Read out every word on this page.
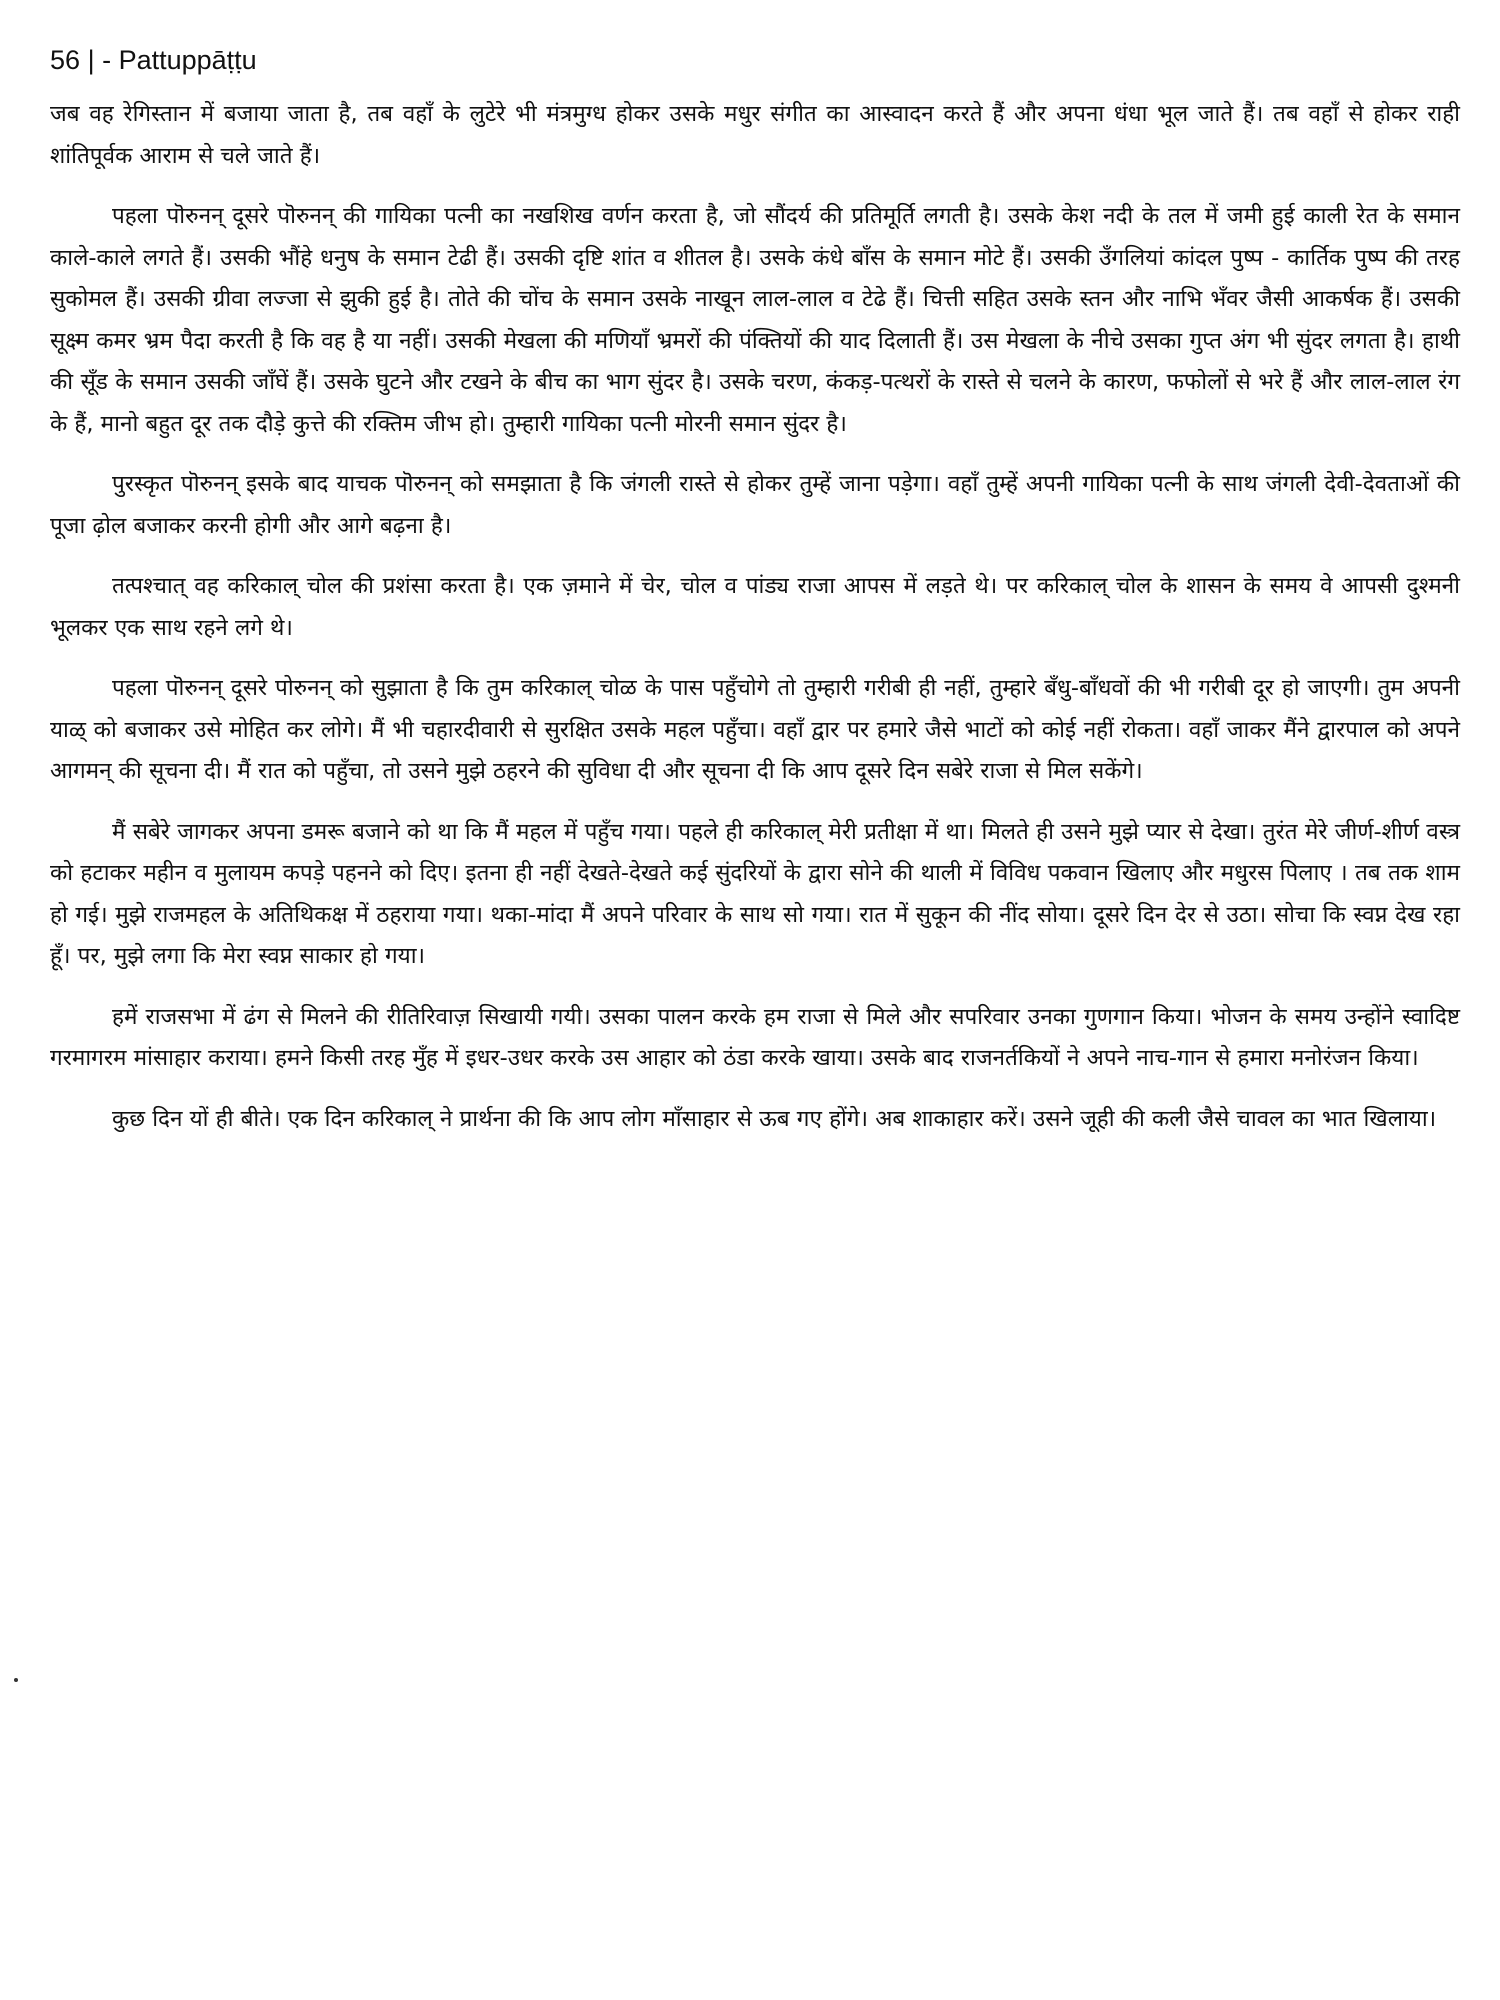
56 | - Pattuppāṭṭu

जब वह रेगिस्तान में बजाया जाता है, तब वहाँ के लुटेरे भी मंत्रमुग्ध होकर उसके मधुर संगीत का आस्वादन करते हैं और अपना धंधा भूल जाते हैं। तब वहाँ से होकर राही शांतिपूर्वक आराम से चले जाते हैं।

पहला पॊरुनन् दूसरे पॊरुनन् की गायिका पत्नी का नखशिख वर्णन करता है, जो सौंदर्य की प्रतिमूर्ति लगती है। उसके केश नदी के तल में जमी हुई काली रेत के समान काले-काले लगते हैं। उसकी भौंहे धनुष के समान टेढी हैं। उसकी दृष्टि शांत व शीतल है। उसके कंधे बाँस के समान मोटे हैं। उसकी उँगलियां कांदल पुष्प - कार्तिक पुष्प की तरह सुकोमल हैं। उसकी ग्रीवा लज्जा से झुकी हुई है। तोते की चोंच के समान उसके नाखून लाल-लाल व टेढे हैं। चित्ती सहित उसके स्तन और नाभि भँवर जैसी आकर्षक हैं। उसकी सूक्ष्म कमर भ्रम पैदा करती है कि वह है या नहीं। उसकी मेखला की मणियाँ भ्रमरों की पंक्तियों की याद दिलाती हैं। उस मेखला के नीचे उसका गुप्त अंग भी सुंदर लगता है। हाथी की सूँड के समान उसकी जाँघें हैं। उसके घुटने और टखने के बीच का भाग सुंदर है। उसके चरण, कंकड़-पत्थरों के रास्ते से चलने के कारण, फफोलों से भरे हैं और लाल-लाल रंग के हैं, मानो बहुत दूर तक दौड़े कुत्ते की रक्तिम जीभ हो। तुम्हारी गायिका पत्नी मोरनी समान सुंदर है।

पुरस्कृत पॊरुनन् इसके बाद याचक पॊरुनन् को समझाता है कि जंगली रास्ते से होकर तुम्हें जाना पड़ेगा। वहाँ तुम्हें अपनी गायिका पत्नी के साथ जंगली देवी-देवताओं की पूजा ढ़ोल बजाकर करनी होगी और आगे बढ़ना है।

तत्पश्चात् वह करिकाल् चोल की प्रशंसा करता है। एक ज़माने में चेर, चोल व पांड्य राजा आपस में लड़ते थे। पर करिकाल् चोल के शासन के समय वे आपसी दुश्मनी भूलकर एक साथ रहने लगे थे।

पहला पॊरुनन् दूसरे पोरुनन् को सुझाता है कि तुम करिकाल् चोळ के पास पहुँचोगे तो तुम्हारी गरीबी ही नहीं, तुम्हारे बँधु-बाँधवों की भी गरीबी दूर हो जाएगी। तुम अपनी याळ् को बजाकर उसे मोहित कर लोगे। मैं भी चहारदीवारी से सुरक्षित उसके महल पहुँचा। वहाँ द्वार पर हमारे जैसे भाटों को कोई नहीं रोकता। वहाँ जाकर मैंने द्वारपाल को अपने आगमन् की सूचना दी। मैं रात को पहुँचा, तो उसने मुझे ठहरने की सुविधा दी और सूचना दी कि आप दूसरे दिन सबेरे राजा से मिल सकेंगे।

मैं सबेरे जागकर अपना डमरू बजाने को था कि मैं महल में पहुँच गया। पहले ही करिकाल् मेरी प्रतीक्षा में था। मिलते ही उसने मुझे प्यार से देखा। तुरंत मेरे जीर्ण-शीर्ण वस्त्र को हटाकर महीन व मुलायम कपड़े पहनने को दिए। इतना ही नहीं देखते-देखते कई सुंदरियों के द्वारा सोने की थाली में विविध पकवान खिलाए और मधुरस पिलाए । तब तक शाम हो गई। मुझे राजमहल के अतिथिकक्ष में ठहराया गया। थका-मांदा मैं अपने परिवार के साथ सो गया। रात में सुकून की नींद सोया। दूसरे दिन देर से उठा। सोचा कि स्वप्न देख रहा हूँ। पर, मुझे लगा कि मेरा स्वप्न साकार हो गया।

हमें राजसभा में ढंग से मिलने की रीतिरिवाज़ सिखायी गयी। उसका पालन करके हम राजा से मिले और सपरिवार उनका गुणगान किया। भोजन के समय उन्होंने स्वादिष्ट गरमागरम मांसाहार कराया। हमने किसी तरह मुँह में इधर-उधर करके उस आहार को ठंडा करके खाया। उसके बाद राजनर्तकियों ने अपने नाच-गान से हमारा मनोरंजन किया।

कुछ दिन यों ही बीते। एक दिन करिकाल् ने प्रार्थना की कि आप लोग माँसाहार से ऊब गए होंगे। अब शाकाहार करें। उसने जूही की कली जैसे चावल का भात खिलाया।
